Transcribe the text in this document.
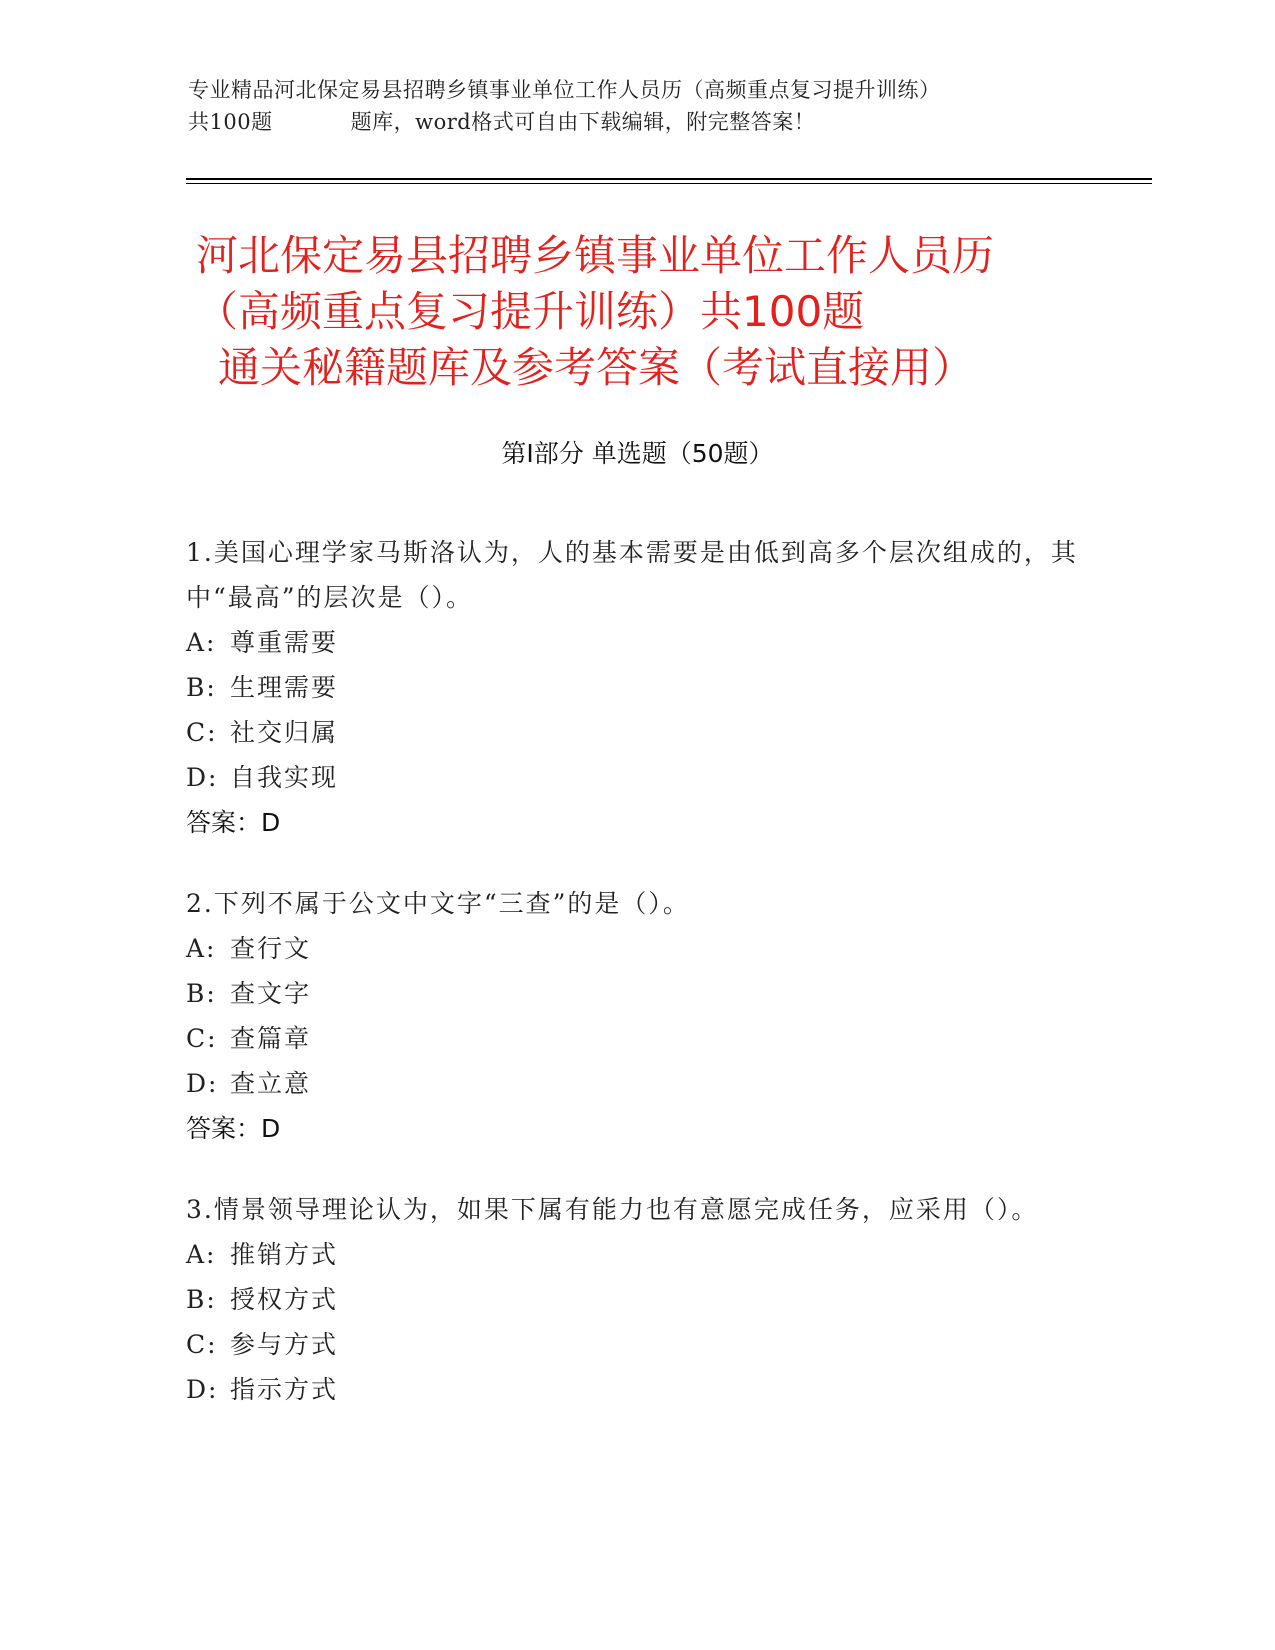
专业精品河北保定易县招聘乡镇事业单位工作人员历（高频重点复习提升训练）
共100题	题库，word格式可自由下载编辑，附完整答案！
河北保定易县招聘乡镇事业单位工作人员历
（高频重点复习提升训练）共100题
通关秘籍题库及参考答案（考试直接用）
第Ⅰ部分 单选题（50题）
1.美国心理学家马斯洛认为，人的基本需要是由低到高多个层次组成的，其中“最高”的层次是（）。
A: 尊重需要
B: 生理需要
C: 社交归属
D: 自我实现
答案：D
2.下列不属于公文中文字“三查”的是（）。
A: 查行文
B: 查文字
C: 查篇章
D: 查立意
答案：D
3.情景领导理论认为，如果下属有能力也有意愿完成任务，应采用（）。
A: 推销方式
B: 授权方式
C: 参与方式
D: 指示方式
